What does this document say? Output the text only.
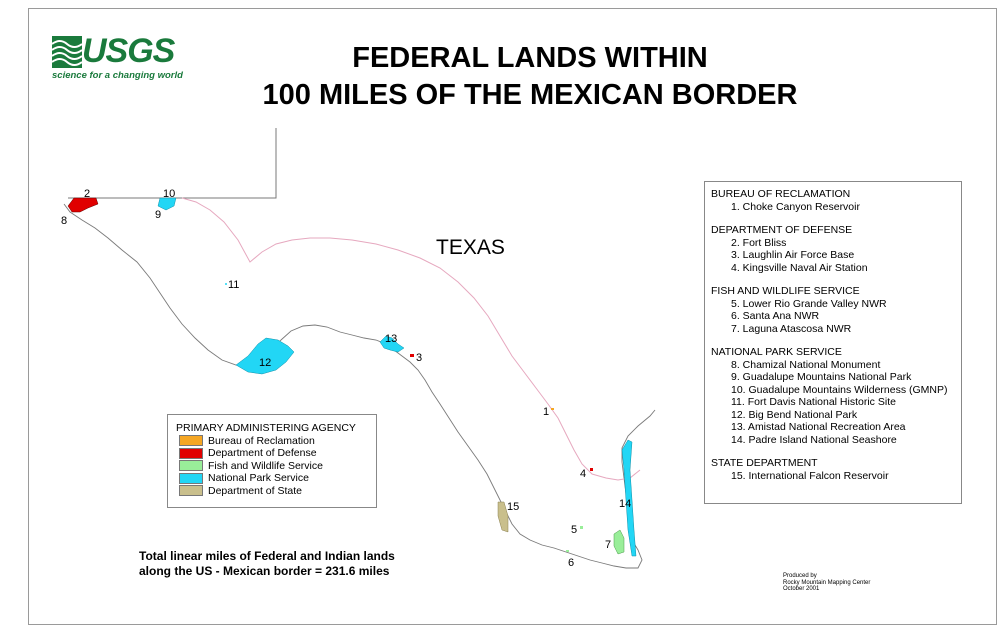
USGS
science for a changing world
FEDERAL LANDS WITHIN
100 MILES OF THE MEXICAN BORDER
TEXAS
1
2
3
4
5
6
7
8	9
10
11
12
13
14
15
BUREAU OF RECLAMATION
1. Choke Canyon Reservoir
DEPARTMENT OF DEFENSE
2. Fort Bliss
3. Laughlin Air Force Base
4. Kingsville Naval Air Station
FISH AND WILDLIFE SERVICE
5. Lower Rio Grande Valley NWR
6. Santa Ana NWR
7. Laguna Atascosa NWR
NATIONAL PARK SERVICE
8. Chamizal National Monument
9. Guadalupe Mountains National Park
10. Guadalupe Mountains Wilderness (GMNP)
11. Fort Davis National Historic Site
12. Big Bend National Park
13. Amistad National Recreation Area
14. Padre Island National Seashore
STATE DEPARTMENT
15. International Falcon Reservoir
PRIMARY ADMINISTERING AGENCY
Bureau of Reclamation
Department of Defense
Fish and Wildlife Service
National Park Service
Department of State
Total linear miles of Federal and Indian lands
along the US - Mexican border = 231.6 miles	Produced by
Rocky Mountain Mapping Center
October 2001
